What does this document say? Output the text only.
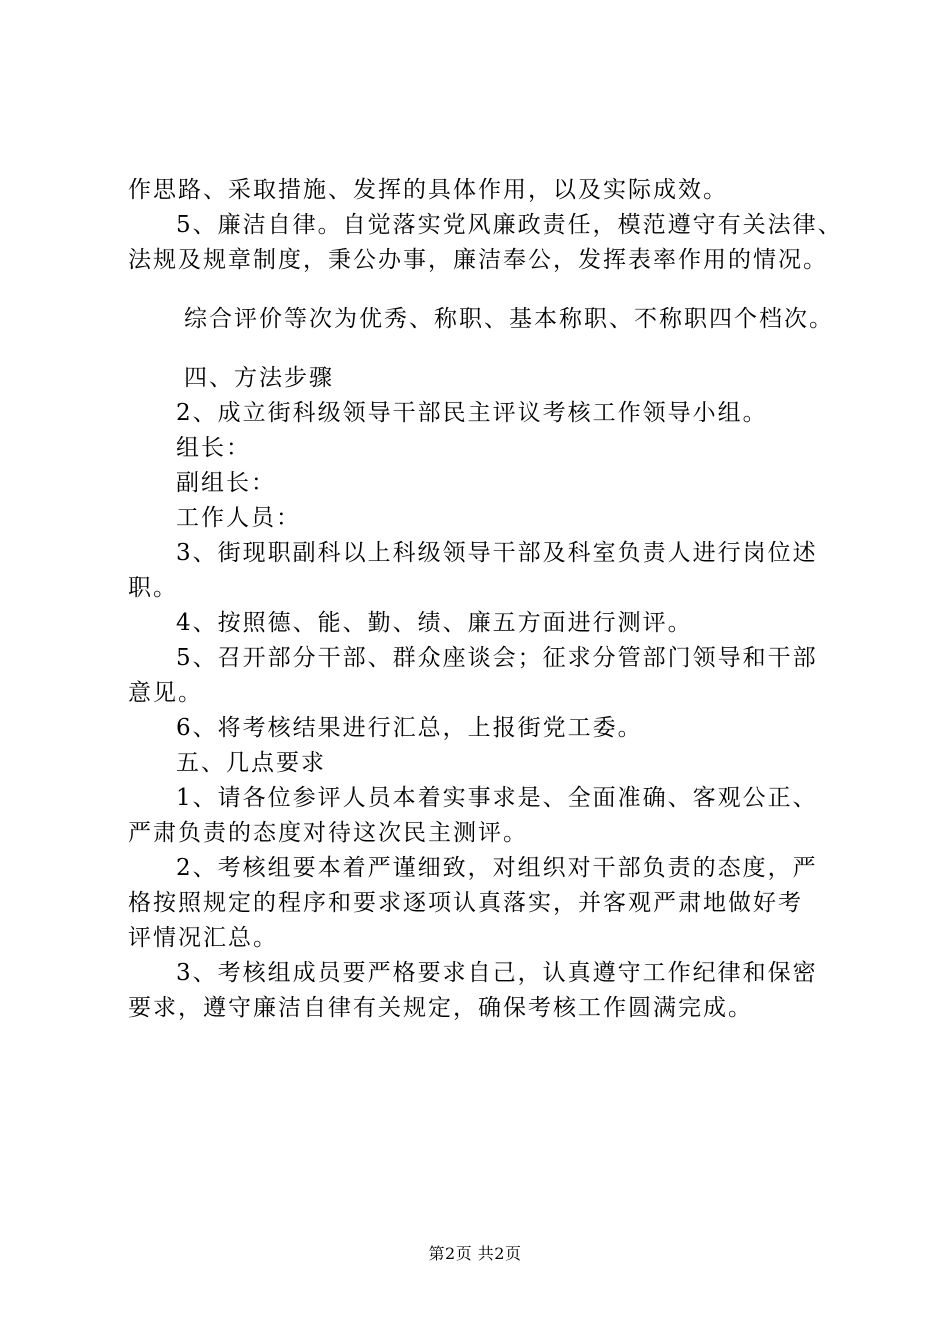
作思路、采取措施、发挥的具体作用，以及实际成效。

5、廉洁自律。自觉落实党风廉政责任，模范遵守有关法律、

法规及规章制度，秉公办事，廉洁奉公，发挥表率作用的情况。

综合评价等次为优秀、称职、基本称职、不称职四个档次。

四、方法步骤

2、成立街科级领导干部民主评议考核工作领导小组。

组长：

副组长：

工作人员：

3、街现职副科以上科级领导干部及科室负责人进行岗位述

职。

4、按照德、能、勤、绩、廉五方面进行测评。

5、召开部分干部、群众座谈会；征求分管部门领导和干部

意见。

6、将考核结果进行汇总，上报街党工委。

五、几点要求

1、请各位参评人员本着实事求是、全面准确、客观公正、

严肃负责的态度对待这次民主测评。

2、考核组要本着严谨细致，对组织对干部负责的态度，严

格按照规定的程序和要求逐项认真落实，并客观严肃地做好考

评情况汇总。

3、考核组成员要严格要求自己，认真遵守工作纪律和保密

要求，遵守廉洁自律有关规定，确保考核工作圆满完成。

第2页 共2页
